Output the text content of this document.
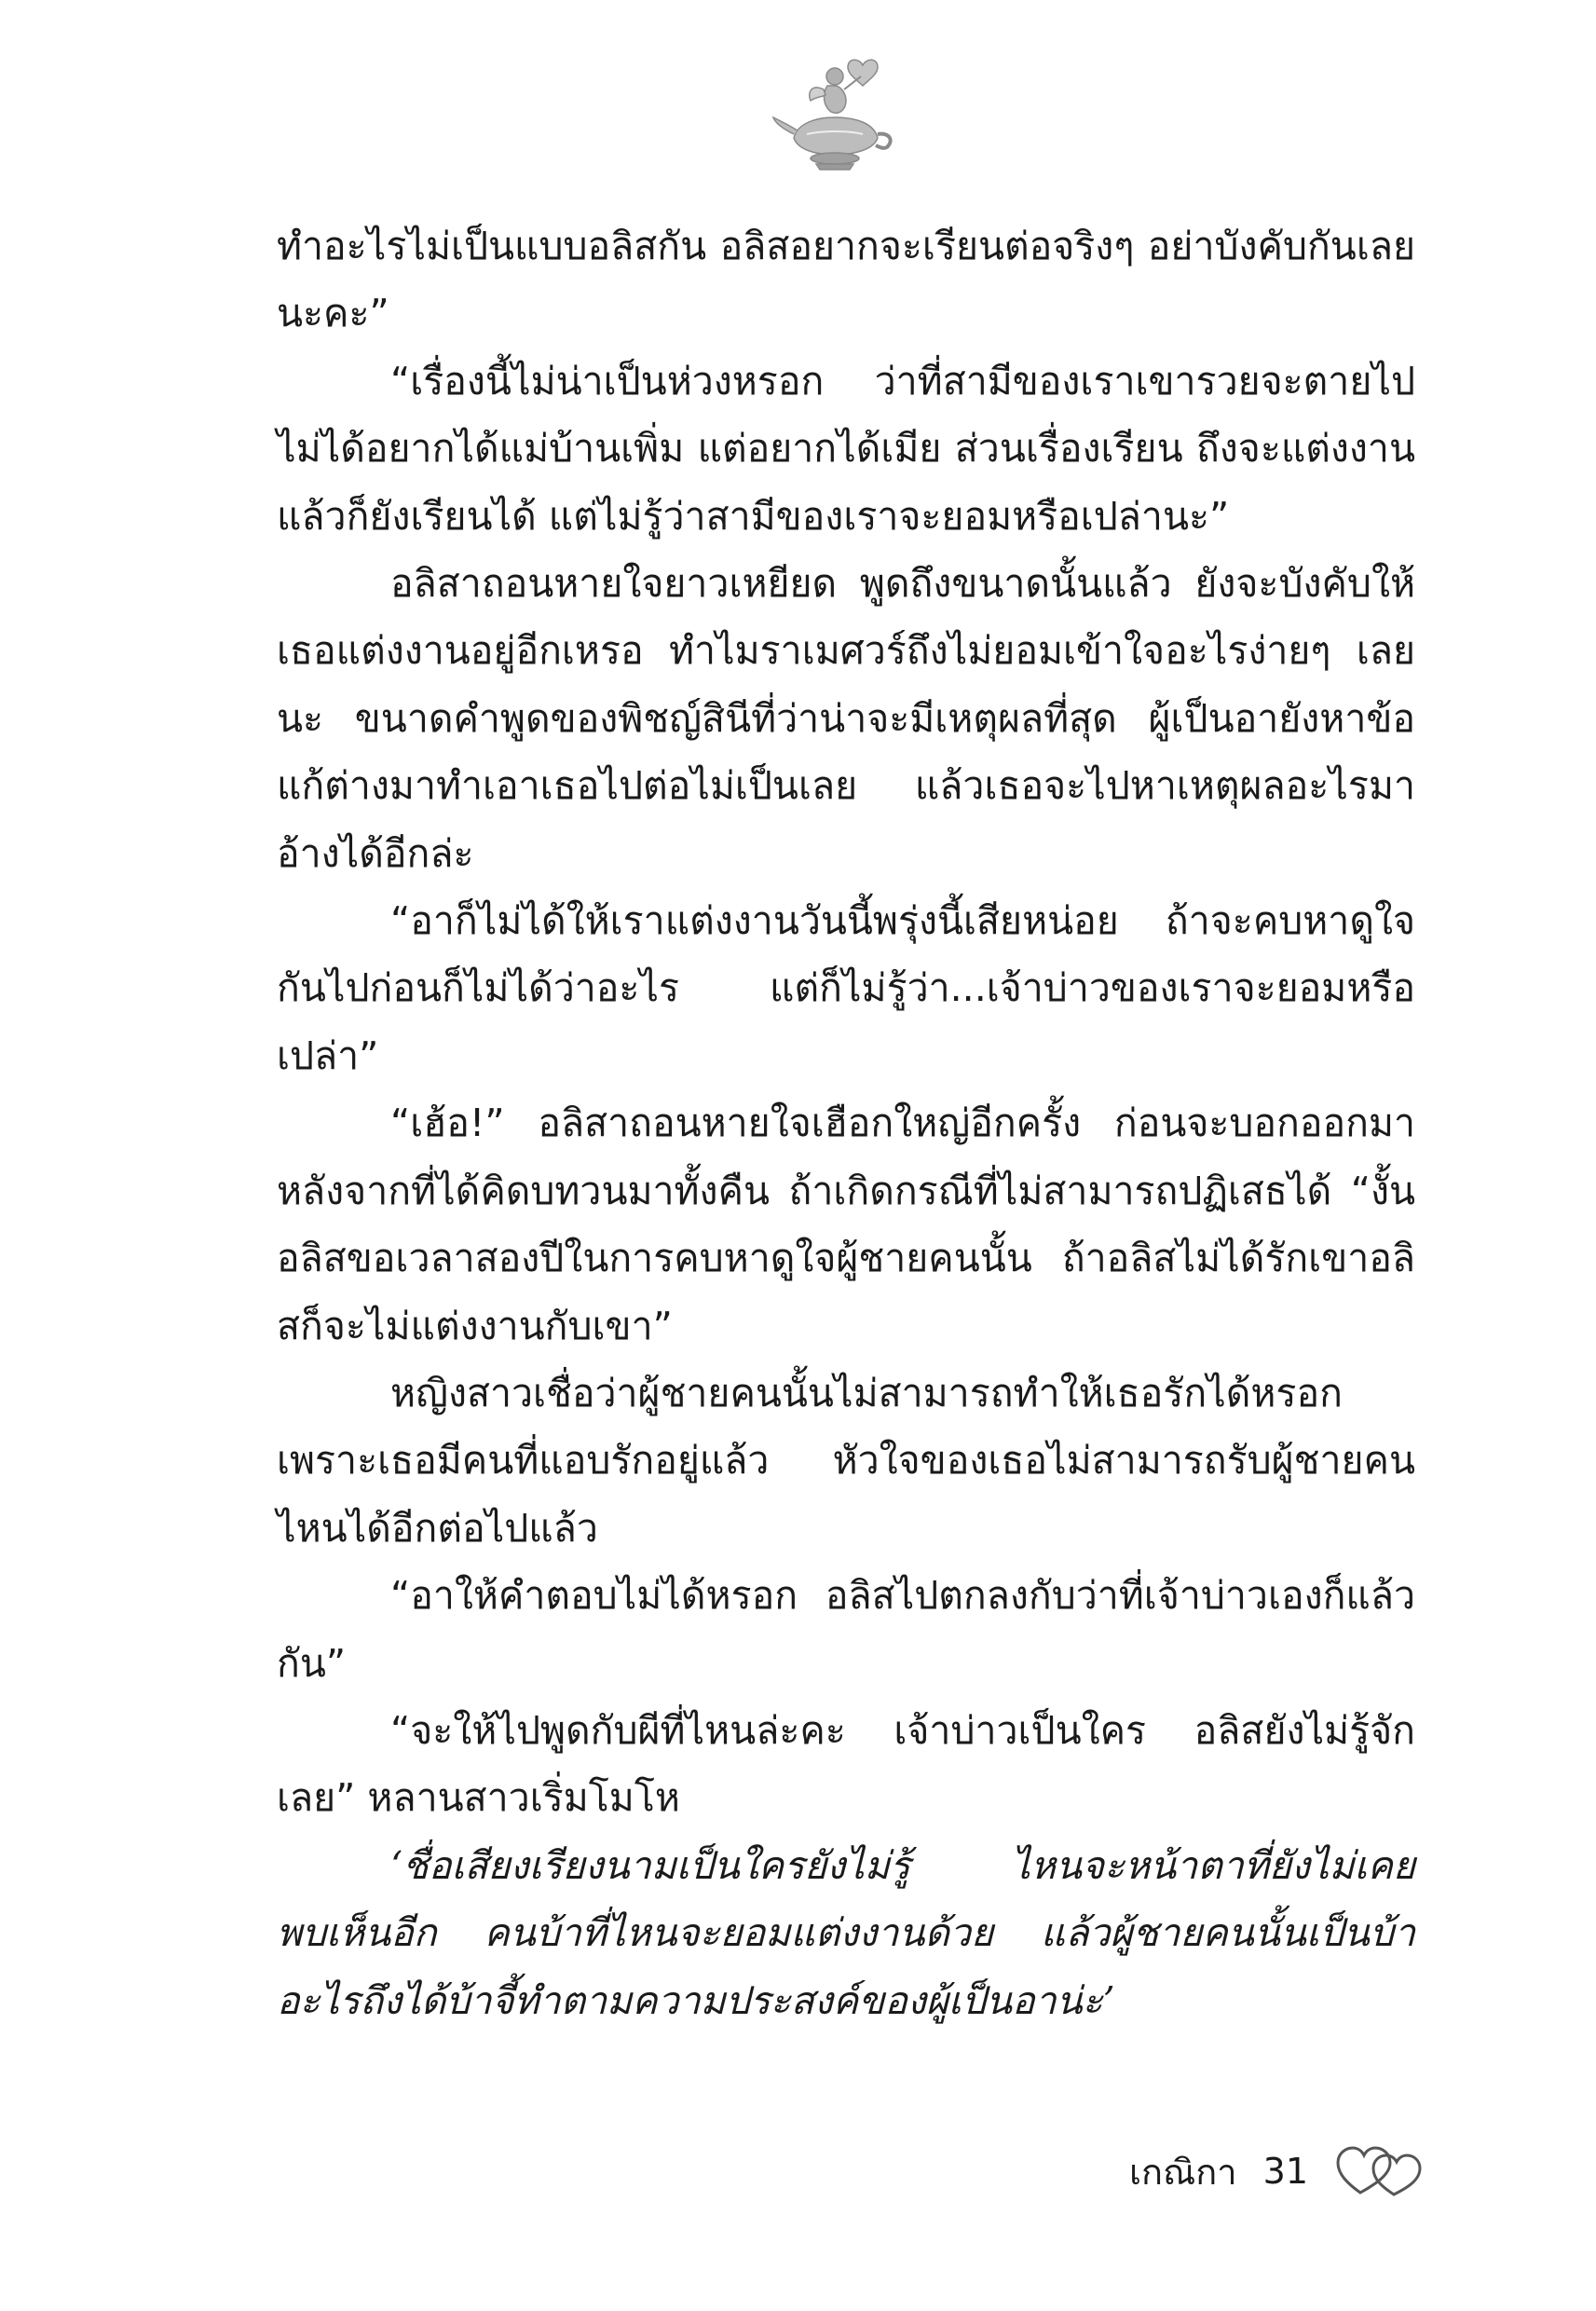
ทำอะไรไม่เป็นแบบอลิสกัน อลิสอยากจะเรียนต่อจริงๆ อย่าบังคับกันเลยนะคะ”

“เรื่องนี้ไม่น่าเป็นห่วงหรอก ว่าที่สามีของเราเขารวยจะตายไปไม่ได้อยากได้แม่บ้านเพิ่ม แต่อยากได้เมีย ส่วนเรื่องเรียน ถึงจะแต่งงานแล้วก็ยังเรียนได้ แต่ไม่รู้ว่าสามีของเราจะยอมหรือเปล่านะ”

อลิสาถอนหายใจยาวเหยียด พูดถึงขนาดนั้นแล้ว ยังจะบังคับให้เธอแต่งงานอยู่อีกเหรอ ทำไมราเมศวร์ถึงไม่ยอมเข้าใจอะไรง่ายๆ เลยนะ ขนาดคำพูดของพิชญ์สินีที่ว่าน่าจะมีเหตุผลที่สุด ผู้เป็นอายังหาข้อแก้ต่างมาทำเอาเธอไปต่อไม่เป็นเลย แล้วเธอจะไปหาเหตุผลอะไรมาอ้างได้อีกล่ะ

“อาก็ไม่ได้ให้เราแต่งงานวันนี้พรุ่งนี้เสียหน่อย ถ้าจะคบหาดูใจกันไปก่อนก็ไม่ได้ว่าอะไร แต่ก็ไม่รู้ว่า...เจ้าบ่าวของเราจะยอมหรือเปล่า”

“เฮ้อ!” อลิสาถอนหายใจเฮือกใหญ่อีกครั้ง ก่อนจะบอกออกมาหลังจากที่ได้คิดบทวนมาทั้งคืน ถ้าเกิดกรณีที่ไม่สามารถปฏิเสธได้ “งั้นอลิสขอเวลาสองปีในการคบหาดูใจผู้ชายคนนั้น ถ้าอลิสไม่ได้รักเขาอลิสก็จะไม่แต่งงานกับเขา”

หญิงสาวเชื่อว่าผู้ชายคนนั้นไม่สามารถทำให้เธอรักได้หรอก เพราะเธอมีคนที่แอบรักอยู่แล้ว หัวใจของเธอไม่สามารถรับผู้ชายคนไหนได้อีกต่อไปแล้ว

“อาให้คำตอบไม่ได้หรอก อลิสไปตกลงกับว่าที่เจ้าบ่าวเองก็แล้วกัน”

“จะให้ไปพูดกับผีที่ไหนล่ะคะ เจ้าบ่าวเป็นใคร อลิสยังไม่รู้จักเลย” หลานสาวเริ่มโมโห

‘ชื่อเสียงเรียงนามเป็นใครยังไม่รู้ ไหนจะหน้าตาที่ยังไม่เคยพบเห็นอีก คนบ้าที่ไหนจะยอมแต่งงานด้วย แล้วผู้ชายคนนั้นเป็นบ้าอะไรถึงได้บ้าจี้ทำตามความประสงค์ของผู้เป็นอาน่ะ’

เกณิกา 31
